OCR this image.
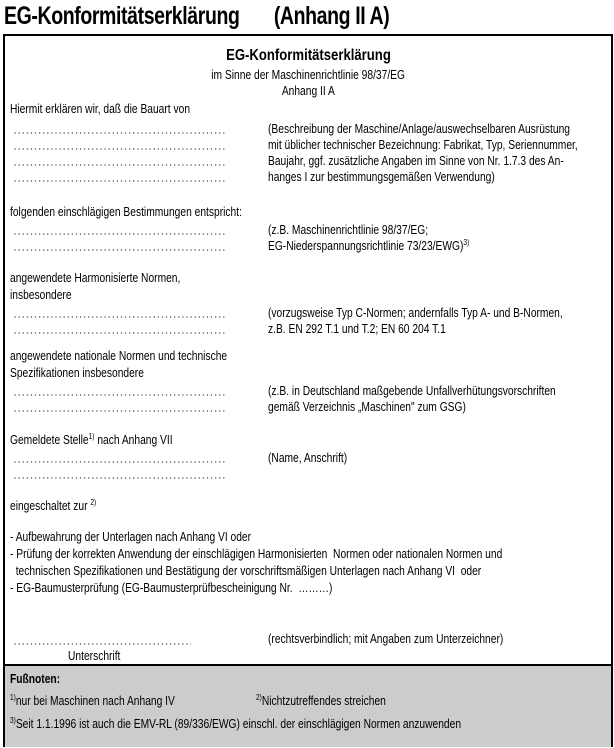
EG-Konformitätserklärung (Anhang II A)
EG-Konformitätserklärung
im Sinne der Maschinenrichtlinie 98/37/EG
Anhang II A
Hiermit erklären wir, daß die Bauart von
(Beschreibung der Maschine/Anlage/auswechselbaren Ausrüstung
mit üblicher technischer Bezeichnung: Fabrikat, Typ, Seriennummer,
Baujahr, ggf. zusätzliche Angaben im Sinne von Nr. 1.7.3 des An-
hanges I zur bestimmungsgemäßen Verwendung)
folgenden einschlägigen Bestimmungen entspricht:
(z.B. Maschinenrichtlinie 98/37/EG;
EG-Niederspannungsrichtlinie 73/23/EWG)$^{3)}$
angewendete Harmonisierte Normen,
insbesondere
(vorzugsweise Typ C-Normen; andernfalls Typ A- und B-Normen,
z.B. EN 292 T.1 und T.2; EN 60 204 T.1
angewendete nationale Normen und technische
Spezifikationen insbesondere
(z.B. in Deutschland maßgebende Unfallverhütungsvorschriften
gemäß Verzeichnis „Maschinen" zum GSG)
Gemeldete Stelle$^{1)}$ nach Anhang VII
(Name, Anschrift)
eingeschaltet zur $^{2)}$
- Aufbewahrung der Unterlagen nach Anhang VI oder
- Prüfung der korrekten Anwendung der einschlägigen Harmonisierten  Normen oder nationalen Normen und
technischen Spezifikationen und Bestätigung der vorschriftsmäßigen Unterlagen nach Anhang VI  oder
- EG-Baumusterprüfung (EG-Baumusterprüfbescheinigung Nr.  ………)
(rechtsverbindlich; mit Angaben zum Unterzeichner)
Unterschrift
Fußnoten:
$^{1)}$nur bei Maschinen nach Anhang IV	$^{2)}$Nichtzutreffendes streichen
$^{3)}$Seit 1.1.1996 ist auch die EMV-RL (89/336/EWG) einschl. der einschlägigen Normen anzuwenden
